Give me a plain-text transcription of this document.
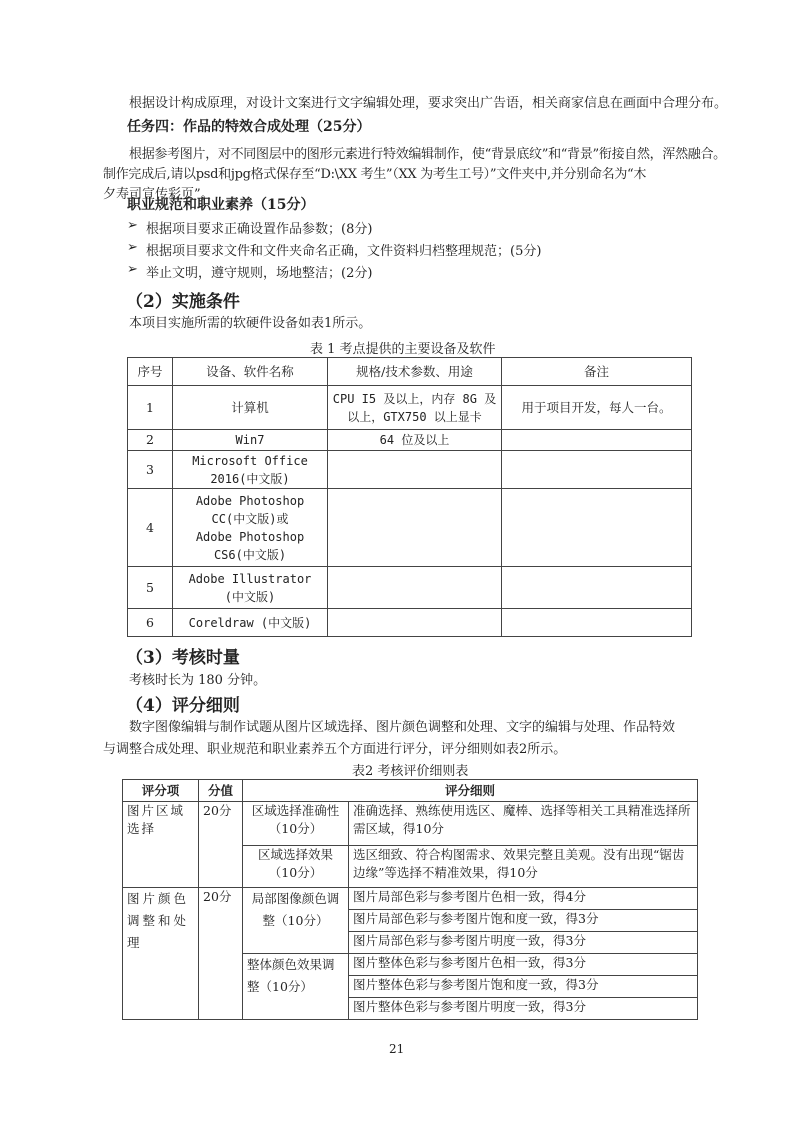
根据设计构成原理，对设计文案进行文字编辑处理，要求突出广告语，相关商家信息在画面中合理分布。
任务四：作品的特效合成处理（25分）
根据参考图片，对不同图层中的图形元素进行特效编辑制作，使“背景底纹”和“背景”衔接自然，浑然融合。
制作完成后,请以psd和jpg格式保存至“D:\XX 考生”（XX 为考生工号）”文件夹中,并分别命名为“木
夕寿司宣传彩页”。
职业规范和职业素养（15分）
➢ 根据项目要求正确设置作品参数；(8分)
➢ 根据项目要求文件和文件夹命名正确，文件资料归档整理规范；(5分)
➢ 举止文明，遵守规则，场地整洁；(2分)
（2）实施条件
本项目实施所需的软硬件设备如表1所示。
表 1 考点提供的主要设备及软件
序号	设备、软件名称	规格/技术参数、用途	备注
1	计算机	CPU I5 及以上，内存 8G 及以上，GTX750 以上显卡	用于项目开发，每人一台。
2	Win7	64 位及以上	
3	Microsoft Office 2016(中文版)		
4	Adobe Photoshop CC(中文版)或 Adobe Photoshop CS6(中文版)		
5	Adobe Illustrator (中文版)		
6	Coreldraw (中文版)		
（3）考核时量
考核时长为 180 分钟。
（4）评分细则
数字图像编辑与制作试题从图片区域选择、图片颜色调整和处理、文字的编辑与处理、作品特效
与调整合成处理、职业规范和职业素养五个方面进行评分，评分细则如表2所示。
表2 考核评价细则表
评分项	分值	评分细则	
图片区域选择	20分	区域选择准确性（10分）	准确选择、熟练使用选区、魔棒、选择等相关工具精准选择所需区域，得10分
		区域选择效果（10分）	选区细致、符合构图需求、效果完整且美观。没有出现“锯齿边缘”等选择不精准效果，得10分
图片颜色调整和处理	20分	局部图像颜色调整（10分）	图片局部色彩与参考图片色相一致，得4分
			图片局部色彩与参考图片饱和度一致，得3分
			图片局部色彩与参考图片明度一致，得3分
		整体颜色效果调整（10分）	图片整体色彩与参考图片色相一致，得3分
			图片整体色彩与参考图片饱和度一致，得3分
			图片整体色彩与参考图片明度一致，得3分
21
